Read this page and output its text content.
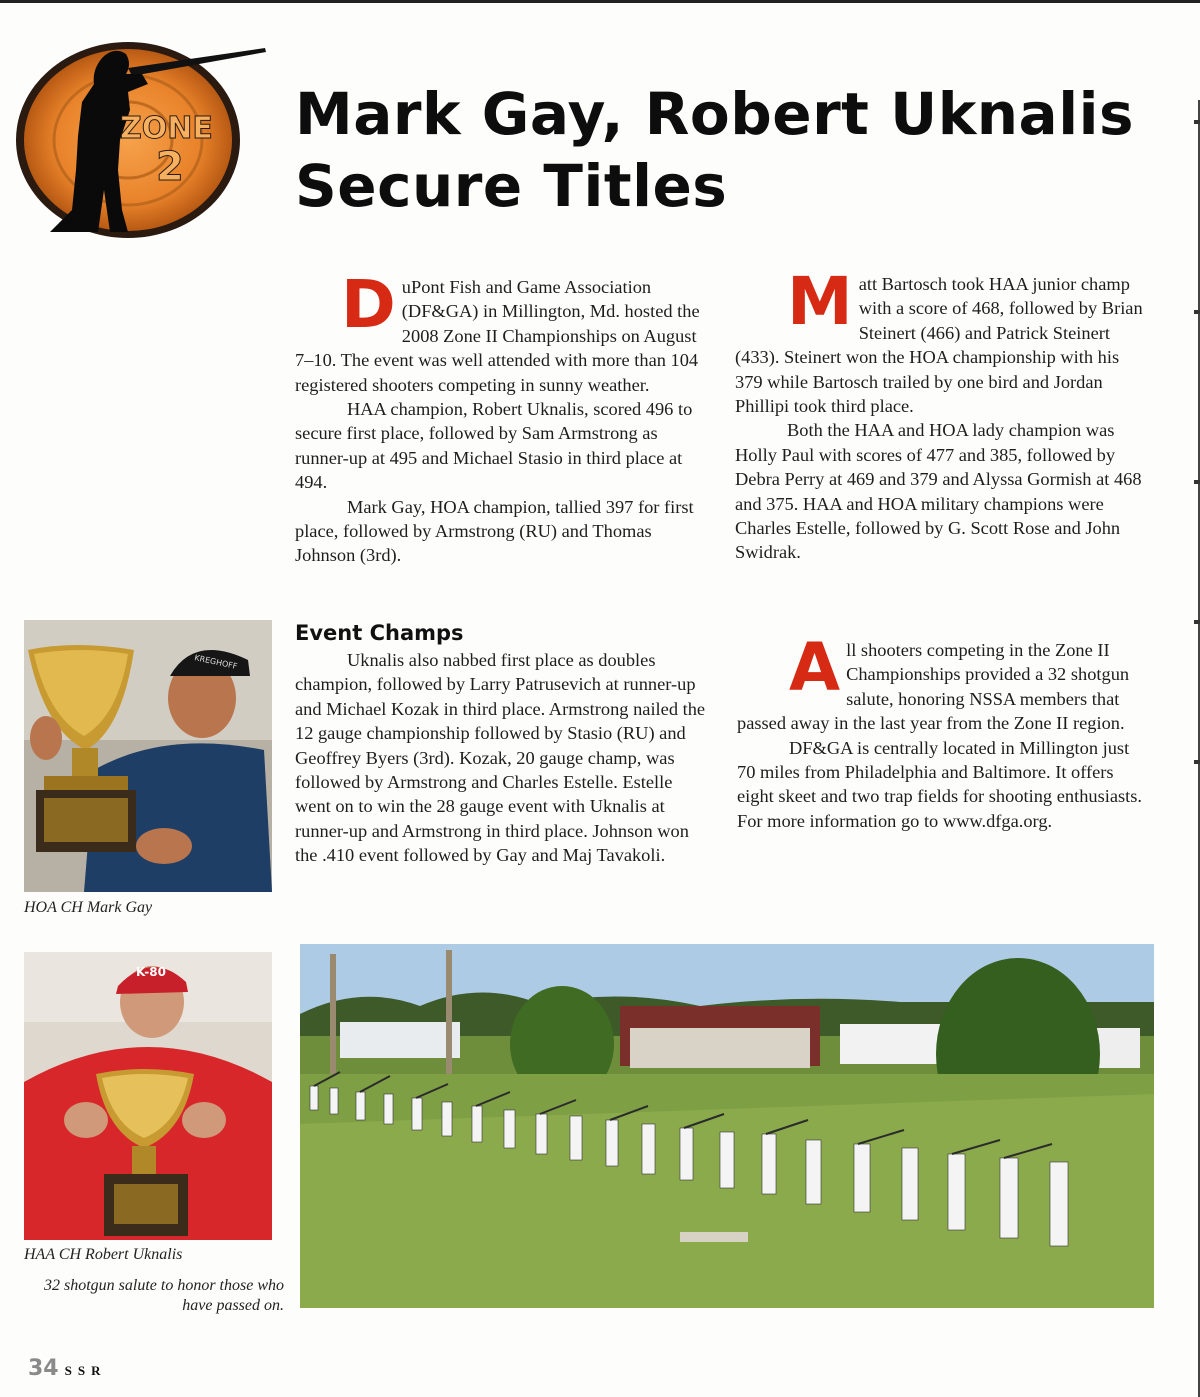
ZONE
2
Mark Gay, Robert Uknalis Secure Titles

DuPont Fish and Game Association (DF&GA) in Millington, Md. hosted the 2008 Zone II Championships on August 7–10. The event was well attended with more than 104 registered shooters competing in sunny weather.

HAA champion, Robert Uknalis, scored 496 to secure first place, followed by Sam Armstrong as runner-up at 495 and Michael Stasio in third place at 494.

Mark Gay, HOA champion, tallied 397 for first place, followed by Armstrong (RU) and Thomas Johnson (3rd).

Event Champs

Uknalis also nabbed first place as doubles champion, followed by Larry Patrusevich at runner-up and Michael Kozak in third place. Armstrong nailed the 12 gauge championship followed by Stasio (RU) and Geoffrey Byers (3rd). Kozak, 20 gauge champ, was followed by Armstrong and Charles Estelle. Estelle went on to win the 28 gauge event with Uknalis at runner-up and Armstrong in third place. Johnson won the .410 event followed by Gay and Maj Tavakoli.

Matt Bartosch took HAA junior champ with a score of 468, followed by Brian Steinert (466) and Patrick Steinert (433). Steinert won the HOA championship with his 379 while Bartosch trailed by one bird and Jordan Phillipi took third place.

Both the HAA and HOA lady champion was Holly Paul with scores of 477 and 385, followed by Debra Perry at 469 and 379 and Alyssa Gormish at 468 and 375. HAA and HOA military champions were Charles Estelle, followed by G. Scott Rose and John Swidrak.

All shooters competing in the Zone II Championships provided a 32 shotgun salute, honoring NSSA members that passed away in the last year from the Zone II region.

DF&GA is centrally located in Millington just 70 miles from Philadelphia and Baltimore. It offers eight skeet and two trap fields for shooting enthusiasts. For more information go to www.dfga.org.

KREGHOFF
HOA CH Mark Gay
K-80
HAA CH Robert Uknalis
32 shotgun salute to honor those who have passed on.
34 SSR
